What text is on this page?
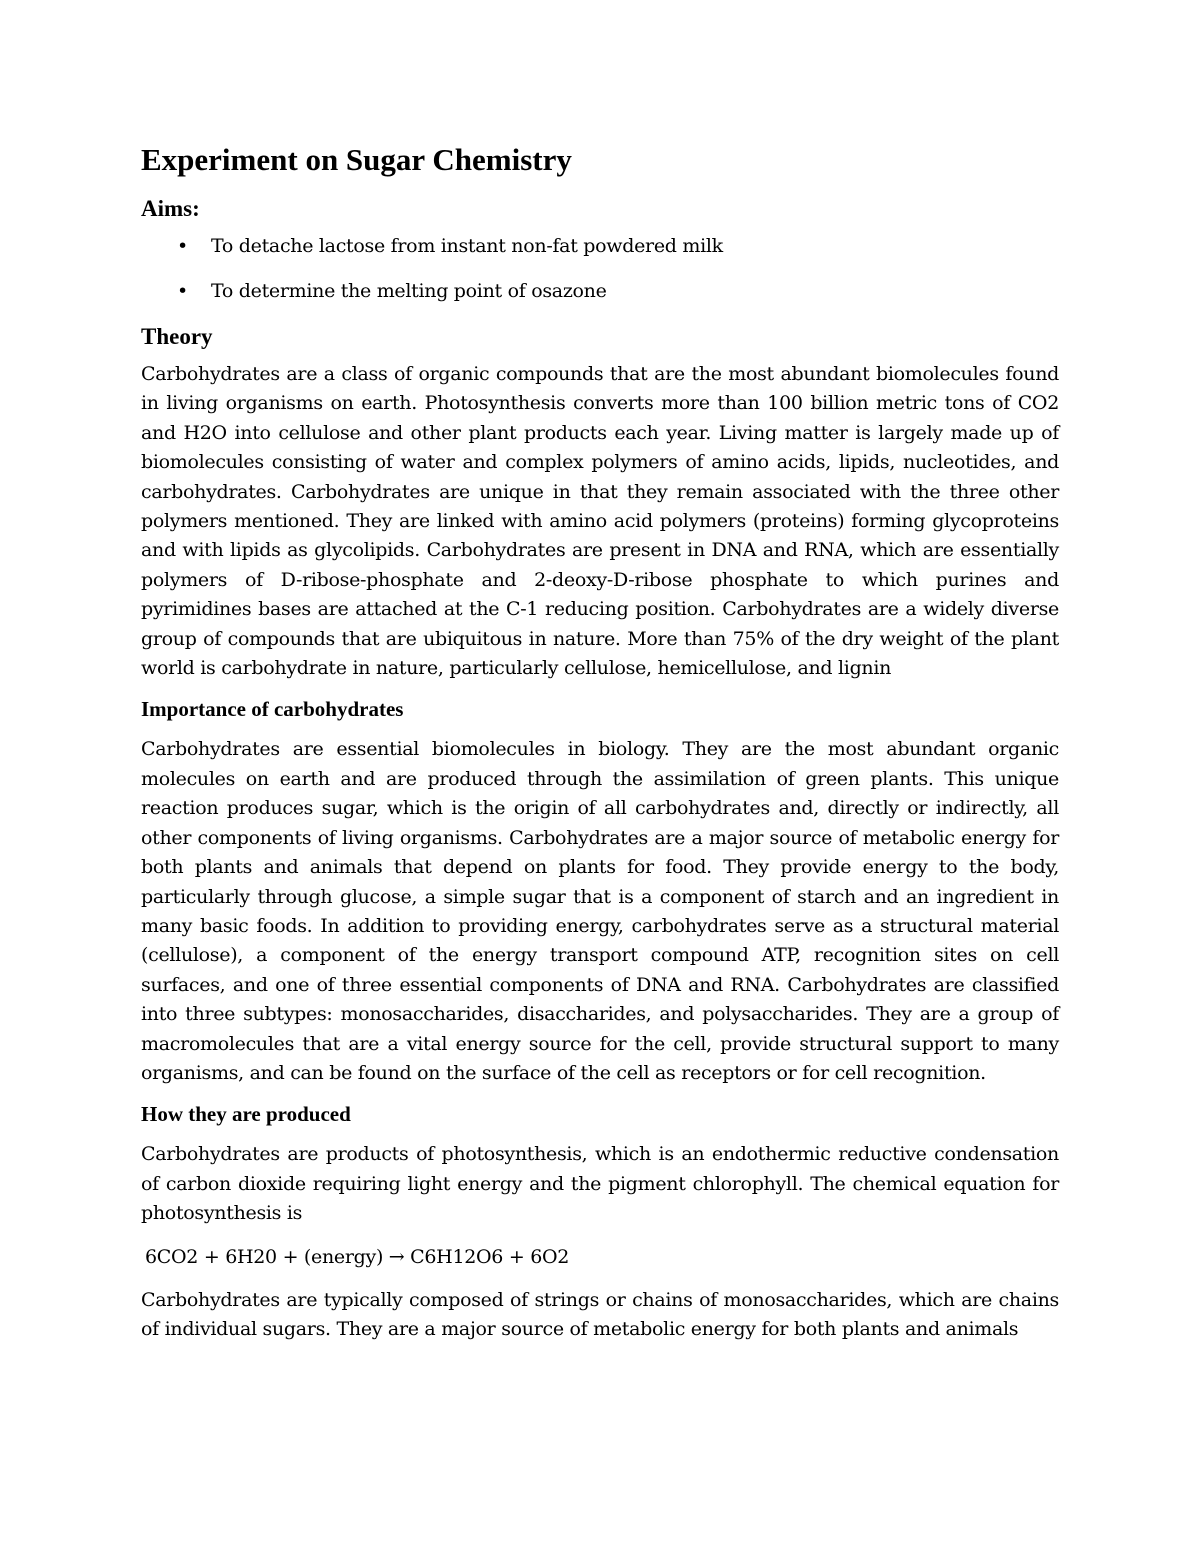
Experiment on Sugar Chemistry
Aims:
• To detache lactose from instant non-fat powdered milk
• To determine the melting point of osazone
Theory

Carbohydrates are a class of organic compounds that are the most abundant biomolecules found in living organisms on earth. Photosynthesis converts more than 100 billion metric tons of CO2 and H2O into cellulose and other plant products each year. Living matter is largely made up of biomolecules consisting of water and complex polymers of amino acids, lipids, nucleotides, and carbohydrates. Carbohydrates are unique in that they remain associated with the three other polymers mentioned. They are linked with amino acid polymers (proteins) forming glycoproteins and with lipids as glycolipids. Carbohydrates are present in DNA and RNA, which are essentially polymers of D-ribose-phosphate and 2-deoxy-D-ribose phosphate to which purines and pyrimidines bases are attached at the C-1 reducing position. Carbohydrates are a widely diverse group of compounds that are ubiquitous in nature. More than 75% of the dry weight of the plant world is carbohydrate in nature, particularly cellulose, hemicellulose, and lignin

Importance of carbohydrates

Carbohydrates are essential biomolecules in biology. They are the most abundant organic molecules on earth and are produced through the assimilation of green plants. This unique reaction produces sugar, which is the origin of all carbohydrates and, directly or indirectly, all other components of living organisms. Carbohydrates are a major source of metabolic energy for both plants and animals that depend on plants for food. They provide energy to the body, particularly through glucose, a simple sugar that is a component of starch and an ingredient in many basic foods. In addition to providing energy, carbohydrates serve as a structural material (cellulose), a component of the energy transport compound ATP, recognition sites on cell surfaces, and one of three essential components of DNA and RNA. Carbohydrates are classified into three subtypes: monosaccharides, disaccharides, and polysaccharides. They are a group of macromolecules that are a vital energy source for the cell, provide structural support to many organisms, and can be found on the surface of the cell as receptors or for cell recognition.

How they are produced

Carbohydrates are products of photosynthesis, which is an endothermic reductive condensation of carbon dioxide requiring light energy and the pigment chlorophyll. The chemical equation for photosynthesis is

6CO2 + 6H20 + (energy) → C6H12O6 + 6O2

Carbohydrates are typically composed of strings or chains of monosaccharides, which are chains of individual sugars. They are a major source of metabolic energy for both plants and animals
